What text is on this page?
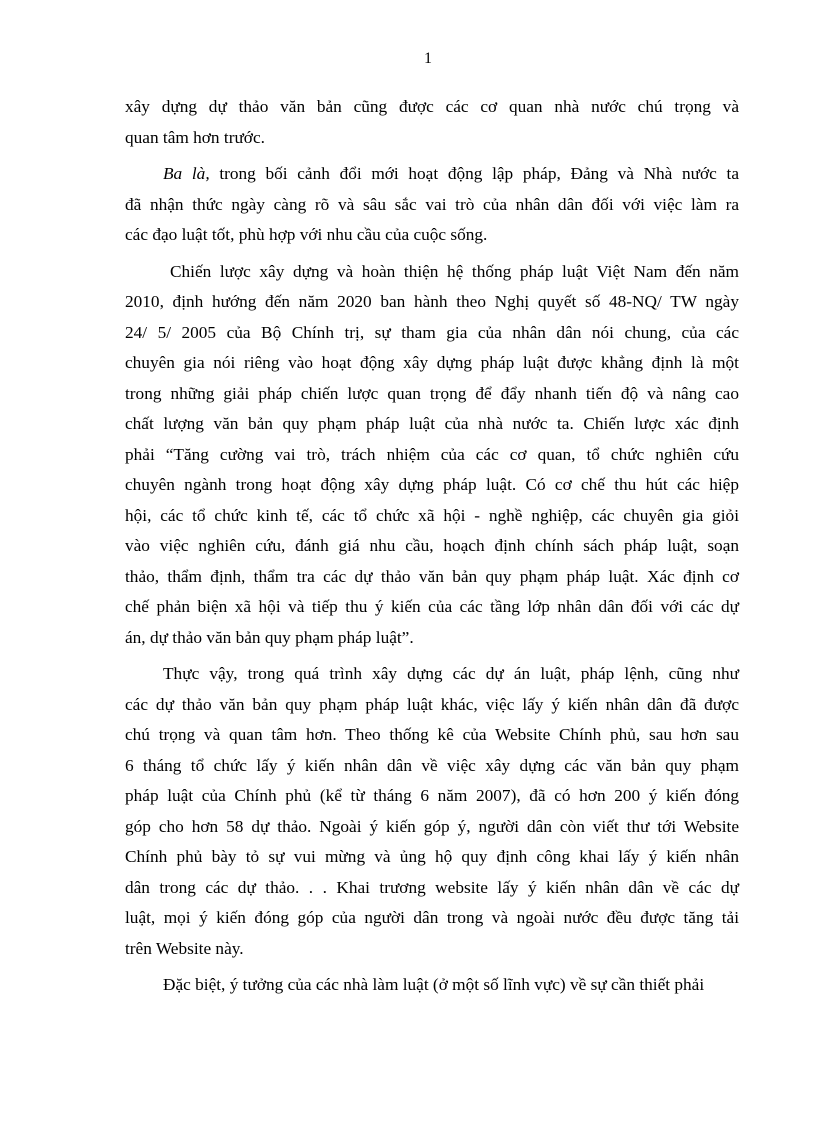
1

xây dựng dự thảo văn bản cũng được các cơ quan nhà nước chú trọng và
quan tâm hơn trước.

Ba là, trong bối cảnh đổi mới hoạt động lập pháp, Đảng và Nhà nước ta
đã nhận thức ngày càng rõ và sâu sắc vai trò của nhân dân đối với việc làm ra
các đạo luật tốt, phù hợp với nhu cầu của cuộc sống.

Chiến lược xây dựng và hoàn thiện hệ thống pháp luật Việt Nam đến năm
2010, định hướng đến năm 2020 ban hành theo Nghị quyết số 48-NQ/ TW ngày
24/ 5/ 2005 của Bộ Chính trị, sự tham gia của nhân dân nói chung, của các
chuyên gia nói riêng vào hoạt động xây dựng pháp luật được khẳng định là một
trong những giải pháp chiến lược quan trọng để đẩy nhanh tiến độ và nâng cao
chất lượng văn bản quy phạm pháp luật của nhà nước ta. Chiến lược xác định
phải “Tăng cường vai trò, trách nhiệm của các cơ quan, tổ chức nghiên cứu
chuyên ngành trong hoạt động xây dựng pháp luật. Có cơ chế thu hút các hiệp
hội, các tổ chức kinh tế, các tổ chức xã hội - nghề nghiệp, các chuyên gia giỏi
vào việc nghiên cứu, đánh giá nhu cầu, hoạch định chính sách pháp luật, soạn
thảo, thẩm định, thẩm tra các dự thảo văn bản quy phạm pháp luật. Xác định cơ
chế phản biện xã hội và tiếp thu ý kiến của các tầng lớp nhân dân đối với các dự
án, dự thảo văn bản quy phạm pháp luật”.

Thực vậy, trong quá trình xây dựng các dự án luật, pháp lệnh, cũng như
các dự thảo văn bản quy phạm pháp luật khác, việc lấy ý kiến nhân dân đã được
chú trọng và quan tâm hơn. Theo thống kê của Website Chính phủ, sau hơn sau
6 tháng tổ chức lấy ý kiến nhân dân về việc xây dựng các văn bản quy phạm
pháp luật của Chính phủ (kể từ tháng 6 năm 2007), đã có hơn 200 ý kiến đóng
góp cho hơn 58 dự thảo. Ngoài ý kiến góp ý, người dân còn viết thư tới Website
Chính phủ bày tỏ sự vui mừng và ủng hộ quy định công khai lấy ý kiến nhân
dân trong các dự thảo. . . Khai trương website lấy ý kiến nhân dân về các dự
luật, mọi ý kiến đóng góp của người dân trong và ngoài nước đều được tăng tải
trên Website này.

Đặc biệt, ý tưởng của các nhà làm luật (ở một số lĩnh vực) về sự cần thiết phải
